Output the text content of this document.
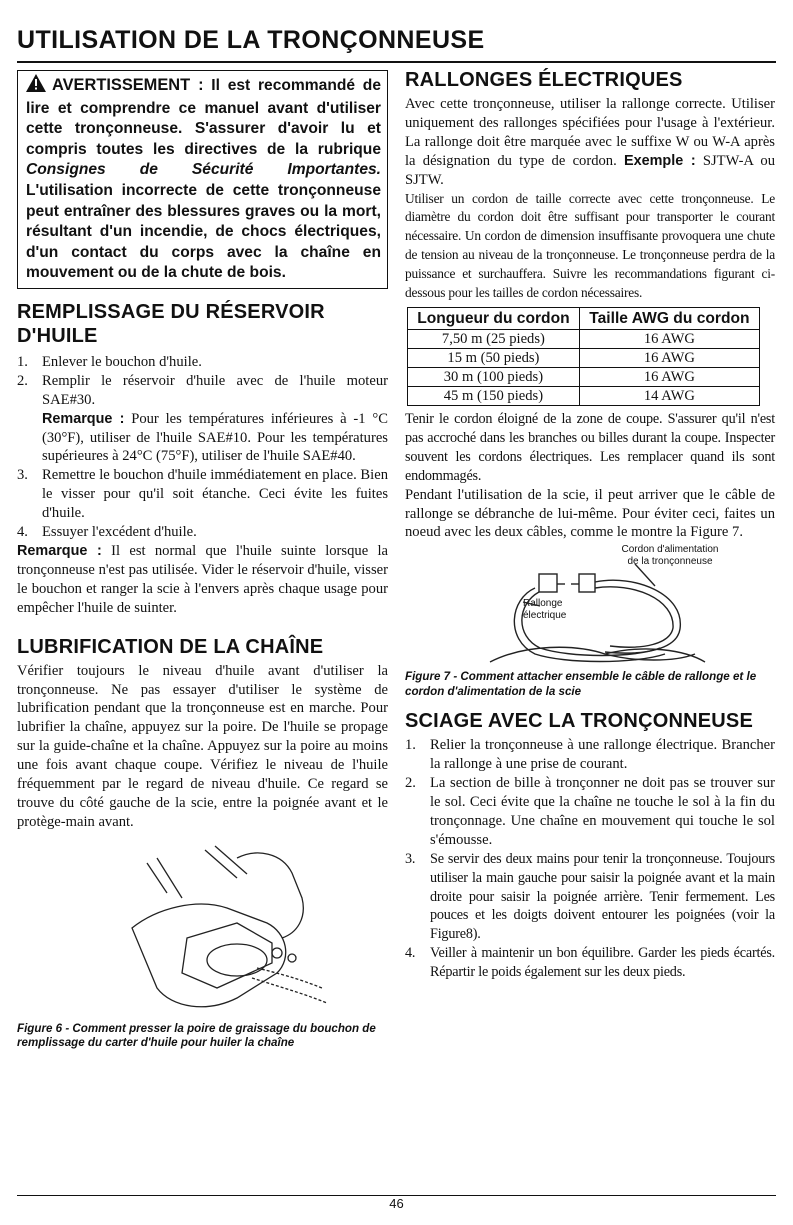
UTILISATION DE LA TRONÇONNEUSE
AVERTISSEMENT : Il est recommandé de lire et comprendre ce manuel avant d'utiliser cette tronçonneuse. S'assurer d'avoir lu et compris toutes les directives de la rubrique Consignes de Sécurité Importantes. L'utilisation incorrecte de cette tronçonneuse peut entraîner des blessures graves ou la mort, résultant d'un incendie, de chocs électriques, d'un contact du corps avec la chaîne en mouvement ou de la chute de bois.
REMPLISSAGE DU RÉSERVOIR D'HUILE
1. Enlever le bouchon d'huile.
2. Remplir le réservoir d'huile avec de l'huile moteur SAE#30.
Remarque : Pour les températures inférieures à -1 °C (30°F), utiliser de l'huile SAE#10. Pour les températures supérieures à 24°C (75°F), utiliser de l'huile SAE#40.
3. Remettre le bouchon d'huile immédiatement en place. Bien le visser pour qu'il soit étanche. Ceci évite les fuites d'huile.
4. Essuyer l'excédent d'huile.

Remarque : Il est normal que l'huile suinte lorsque la tronçonneuse n'est pas utilisée. Vider le réservoir d'huile, visser le bouchon et ranger la scie à l'envers après chaque usage pour empêcher l'huile de suinter.

LUBRIFICATION DE LA CHAÎNE

Vérifier toujours le niveau d'huile avant d'utiliser la tronçonneuse. Ne pas essayer d'utiliser le système de lubrification pendant que la tronçonneuse est en marche. Pour lubrifier la chaîne, appuyez sur la poire. De l'huile se propage sur la guide-chaîne et la chaîne. Appuyez sur la poire au moins une fois avant chaque coupe. Vérifiez le niveau de l'huile fréquemment par le regard de niveau d'huile. Ce regard se trouve du côté gauche de la scie, entre la poignée avant et le protège-main avant.

Figure 6 - Comment presser la poire de graissage du bouchon de remplissage du carter d'huile pour huiler la chaîne

RALLONGES ÉLECTRIQUES

Avec cette tronçonneuse, utiliser la rallonge correcte. Utiliser uniquement des rallonges spécifiées pour l'usage à l'extérieur. La rallonge doit être marquée avec le suffixe W ou W-A après la désignation du type de cordon. Exemple : SJTW-A ou SJTW.

Utiliser un cordon de taille correcte avec cette tronçonneuse. Le diamètre du cordon doit être suffisant pour transporter le courant nécessaire. Un cordon de dimension insuffisante provoquera une chute de tension au niveau de la tronçonneuse. Le tronçonneuse perdra de la puissance et surchauffera. Suivre les recommandations figurant ci-dessous pour les tailles de cordon nécessaires.

Longueur du cordon	Taille AWG du cordon
7,50 m (25 pieds)	16 AWG
15 m (50 pieds)	16 AWG
30 m (100 pieds)	16 AWG
45 m (150 pieds)	14 AWG

Tenir le cordon éloigné de la zone de coupe. S'assurer qu'il n'est pas accroché dans les branches ou billes durant la coupe. Inspecter souvent les cordons électriques. Les remplacer quand ils sont endommagés.

Pendant l'utilisation de la scie, il peut arriver que le câble de rallonge se débranche de lui-même. Pour éviter ceci, faites un noeud avec les deux câbles, comme le montre la Figure 7.

Cordon d'alimentation
de la tronçonneuse
Rallonge
électrique

Figure 7 - Comment attacher ensemble le câble de rallonge et le cordon d'alimentation de la scie

SCIAGE AVEC LA TRONÇONNEUSE
1. Relier la tronçonneuse à une rallonge électrique. Brancher la rallonge à une prise de courant.
2. La section de bille à tronçonner ne doit pas se trouver sur le sol. Ceci évite que la chaîne ne touche le sol à la fin du tronçonnage. Une chaîne en mouvement qui touche le sol s'émousse.
3. Se servir des deux mains pour tenir la tronçonneuse. Toujours utiliser la main gauche pour saisir la poignée avant et la main droite pour saisir la poignée arrière. Tenir fermement. Les pouces et les doigts doivent entourer les poignées (voir la Figure8).
4. Veiller à maintenir un bon équilibre. Garder les pieds écartés. Répartir le poids également sur les deux pieds.
46
